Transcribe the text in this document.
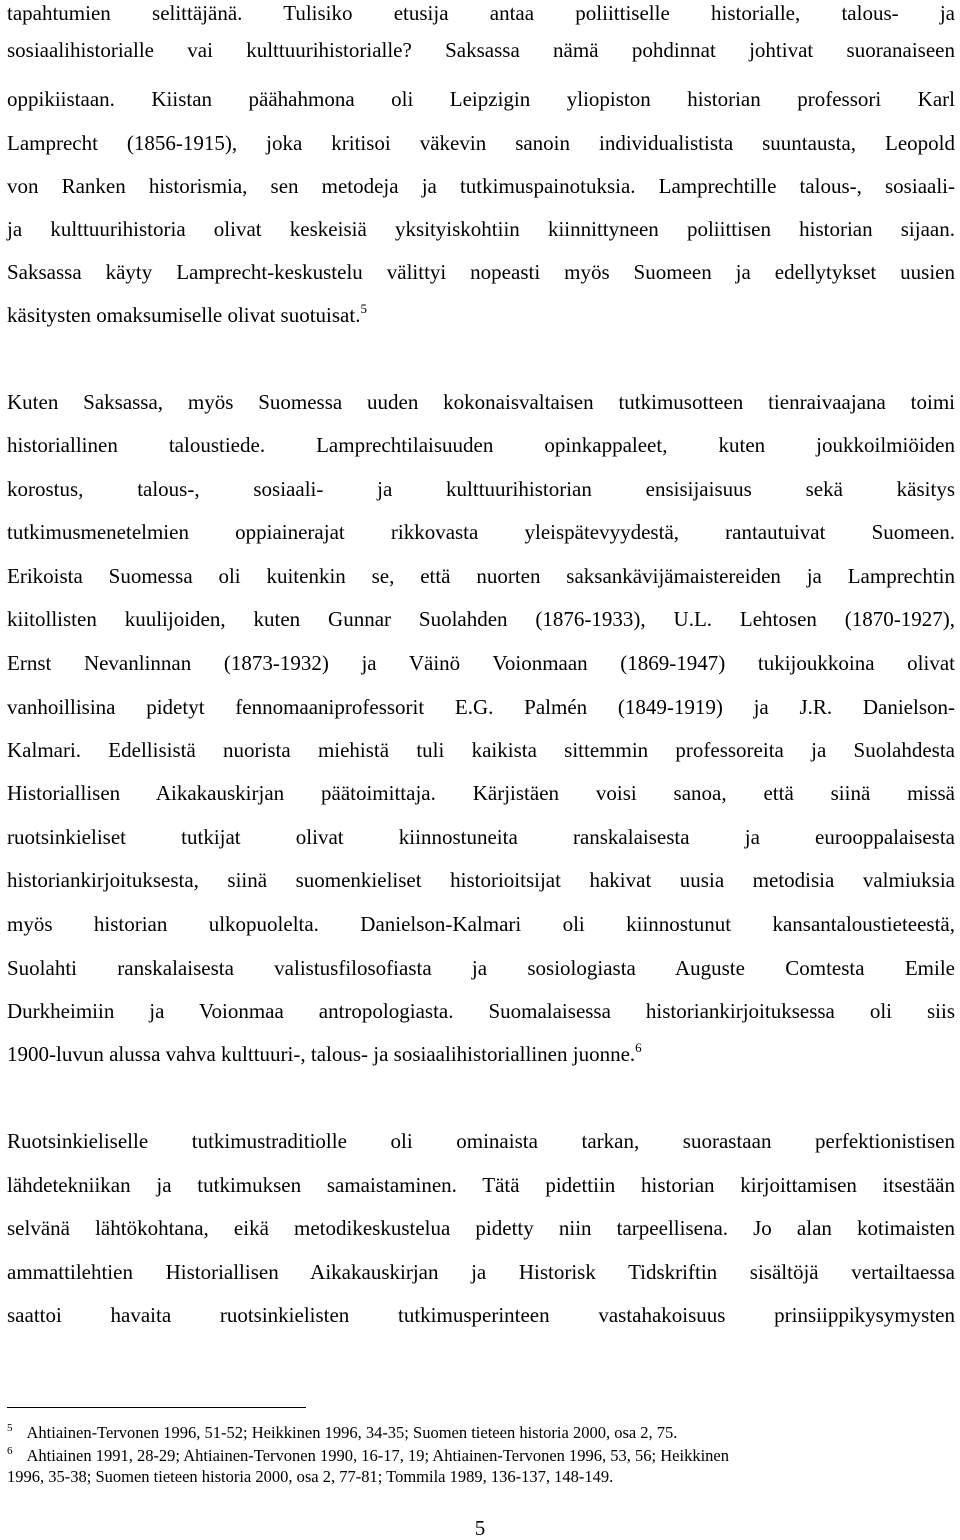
tapahtumien selittäjänä. Tulisiko etusija antaa poliittiselle historialle, talous- ja
sosiaalihistorialle vai kulttuurihistorialle? Saksassa nämä pohdinnat johtivat suoranaiseen
oppikiistaan. Kiistan päähahmona oli Leipzigin yliopiston historian professori Karl
Lamprecht (1856-1915), joka kritisoi väkevin sanoin individualistista suuntausta, Leopold
von Ranken historismia, sen metodeja ja tutkimuspainotuksia. Lamprechtille talous-, sosiaali-
ja kulttuurihistoria olivat keskeisiä yksityiskohtiin kiinnittyneen poliittisen historian sijaan.
Saksassa käyty Lamprecht-keskustelu välittyi nopeasti myös Suomeen ja edellytykset uusien
käsitysten omaksumiselle olivat suotuisat.$^5$
Kuten Saksassa, myös Suomessa uuden kokonaisvaltaisen tutkimusotteen tienraivaajana toimi
historiallinen taloustiede. Lamprechtilaisuuden opinkappaleet, kuten joukkoilmiöiden
korostus, talous-, sosiaali- ja kulttuurihistorian ensisijaisuus sekä käsitys
tutkimusmenetelmien oppiainerajat rikkovasta yleispätevyydestä, rantautuivat Suomeen.
Erikoista Suomessa oli kuitenkin se, että nuorten saksankävijämaistereiden ja Lamprechtin
kiitollisten kuulijoiden, kuten Gunnar Suolahden (1876-1933), U.L. Lehtosen (1870-1927),
Ernst Nevanlinnan (1873-1932) ja Väinö Voionmaan (1869-1947) tukijoukkoina olivat
vanhoillisina pidetyt fennomaaniprofessorit E.G. Palmén (1849-1919) ja J.R. Danielson-
Kalmari. Edellisistä nuorista miehistä tuli kaikista sittemmin professoreita ja Suolahdesta
Historiallisen Aikakauskirjan päätoimittaja. Kärjistäen voisi sanoa, että siinä missä
ruotsinkieliset tutkijat olivat kiinnostuneita ranskalaisesta ja eurooppalaisesta
historiankirjoituksesta, siinä suomenkieliset historioitsijat hakivat uusia metodisia valmiuksia
myös historian ulkopuolelta. Danielson-Kalmari oli kiinnostunut kansantaloustieteestä,
Suolahti ranskalaisesta valistusfilosofiasta ja sosiologiasta Auguste Comtesta Emile
Durkheimiin ja Voionmaa antropologiasta. Suomalaisessa historiankirjoituksessa oli siis
1900-luvun alussa vahva kulttuuri-, talous- ja sosiaalihistoriallinen juonne.$^6$
Ruotsinkieliselle tutkimustraditiolle oli ominaista tarkan, suorastaan perfektionistisen
lähdetekniikan ja tutkimuksen samaistaminen. Tätä pidettiin historian kirjoittamisen itsestään
selvänä lähtökohtana, eikä metodikeskustelua pidetty niin tarpeellisena. Jo alan kotimaisten
ammattilehtien Historiallisen Aikakauskirjan ja Historisk Tidskriftin sisältöjä vertailtaessa
saattoi havaita ruotsinkielisten tutkimusperinteen vastahakoisuus prinsiippikysymysten
$^5$ Ahtiainen-Tervonen 1996, 51-52; Heikkinen 1996, 34-35; Suomen tieteen historia 2000, osa 2, 75.
$^6$ Ahtiainen 1991, 28-29; Ahtiainen-Tervonen 1990, 16-17, 19; Ahtiainen-Tervonen 1996, 53, 56; Heikkinen
1996, 35-38; Suomen tieteen historia 2000, osa 2, 77-81; Tommila 1989, 136-137, 148-149.
5
